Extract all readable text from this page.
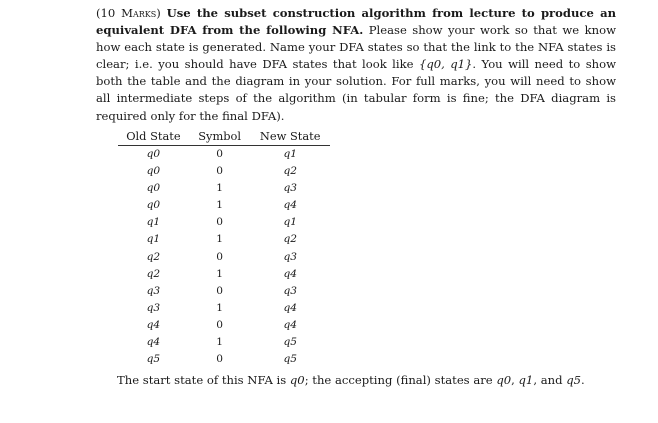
(10 Marks) Use the subset construction algorithm from lecture to produce an equivalent DFA from the following NFA. Please show your work so that we know how each state is generated. Name your DFA states so that the link to the NFA states is clear; i.e. you should have DFA states that look like {q0, q1}. You will need to show both the table and the diagram in your solution. For full marks, you will need to show all intermediate steps of the algorithm (in tabular form is fine; the DFA diagram is required only for the final DFA).
Old State	Symbol	New State
q0	0	q1
q0	0	q2
q0	1	q3
q0	1	q4
q1	0	q1
q1	1	q2
q2	0	q3
q2	1	q4
q3	0	q3
q3	1	q4
q4	0	q4
q4	1	q5
q5	0	q5
The start state of this NFA is q0; the accepting (final) states are q0, q1, and q5.
